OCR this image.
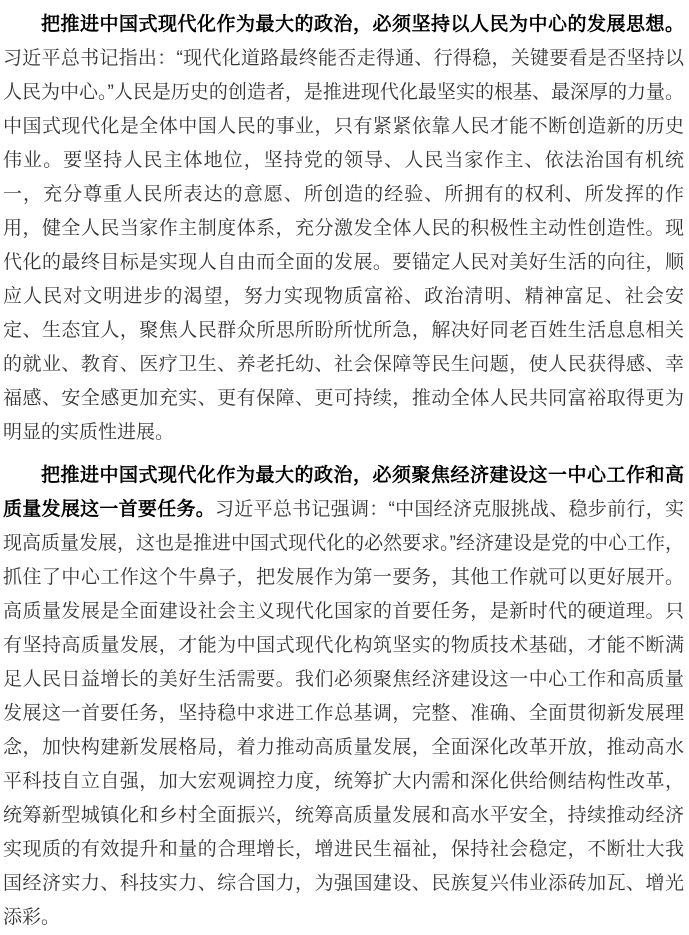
把推进中国式现代化作为最大的政治，必须坚持以人民为中心的发展思想。习近平总书记指出：“现代化道路最终能否走得通、行得稳，关键要看是否坚持以人民为中心。”人民是历史的创造者，是推进现代化最坚实的根基、最深厚的力量。中国式现代化是全体中国人民的事业，只有紧紧依靠人民才能不断创造新的历史伟业。要坚持人民主体地位，坚持党的领导、人民当家作主、依法治国有机统一，充分尊重人民所表达的意愿、所创造的经验、所拥有的权利、所发挥的作用，健全人民当家作主制度体系，充分激发全体人民的积极性主动性创造性。现代化的最终目标是实现人自由而全面的发展。要锚定人民对美好生活的向往，顺应人民对文明进步的渴望，努力实现物质富裕、政治清明、精神富足、社会安定、生态宜人，聚焦人民群众所思所盼所忧所急，解决好同老百姓生活息息相关的就业、教育、医疗卫生、养老托幼、社会保障等民生问题，使人民获得感、幸福感、安全感更加充实、更有保障、更可持续，推动全体人民共同富裕取得更为明显的实质性进展。

把推进中国式现代化作为最大的政治，必须聚焦经济建设这一中心工作和高质量发展这一首要任务。习近平总书记强调：“中国经济克服挑战、稳步前行，实现高质量发展，这也是推进中国式现代化的必然要求。”经济建设是党的中心工作，抓住了中心工作这个牛鼻子，把发展作为第一要务，其他工作就可以更好展开。高质量发展是全面建设社会主义现代化国家的首要任务，是新时代的硬道理。只有坚持高质量发展，才能为中国式现代化构筑坚实的物质技术基础，才能不断满足人民日益增长的美好生活需要。我们必须聚焦经济建设这一中心工作和高质量发展这一首要任务，坚持稳中求进工作总基调，完整、准确、全面贯彻新发展理念，加快构建新发展格局，着力推动高质量发展，全面深化改革开放，推动高水平科技自立自强，加大宏观调控力度，统筹扩大内需和深化供给侧结构性改革，统筹新型城镇化和乡村全面振兴，统筹高质量发展和高水平安全，持续推动经济实现质的有效提升和量的合理增长，增进民生福祉，保持社会稳定，不断壮大我国经济实力、科技实力、综合国力，为强国建设、民族复兴伟业添砖加瓦、增光添彩。
